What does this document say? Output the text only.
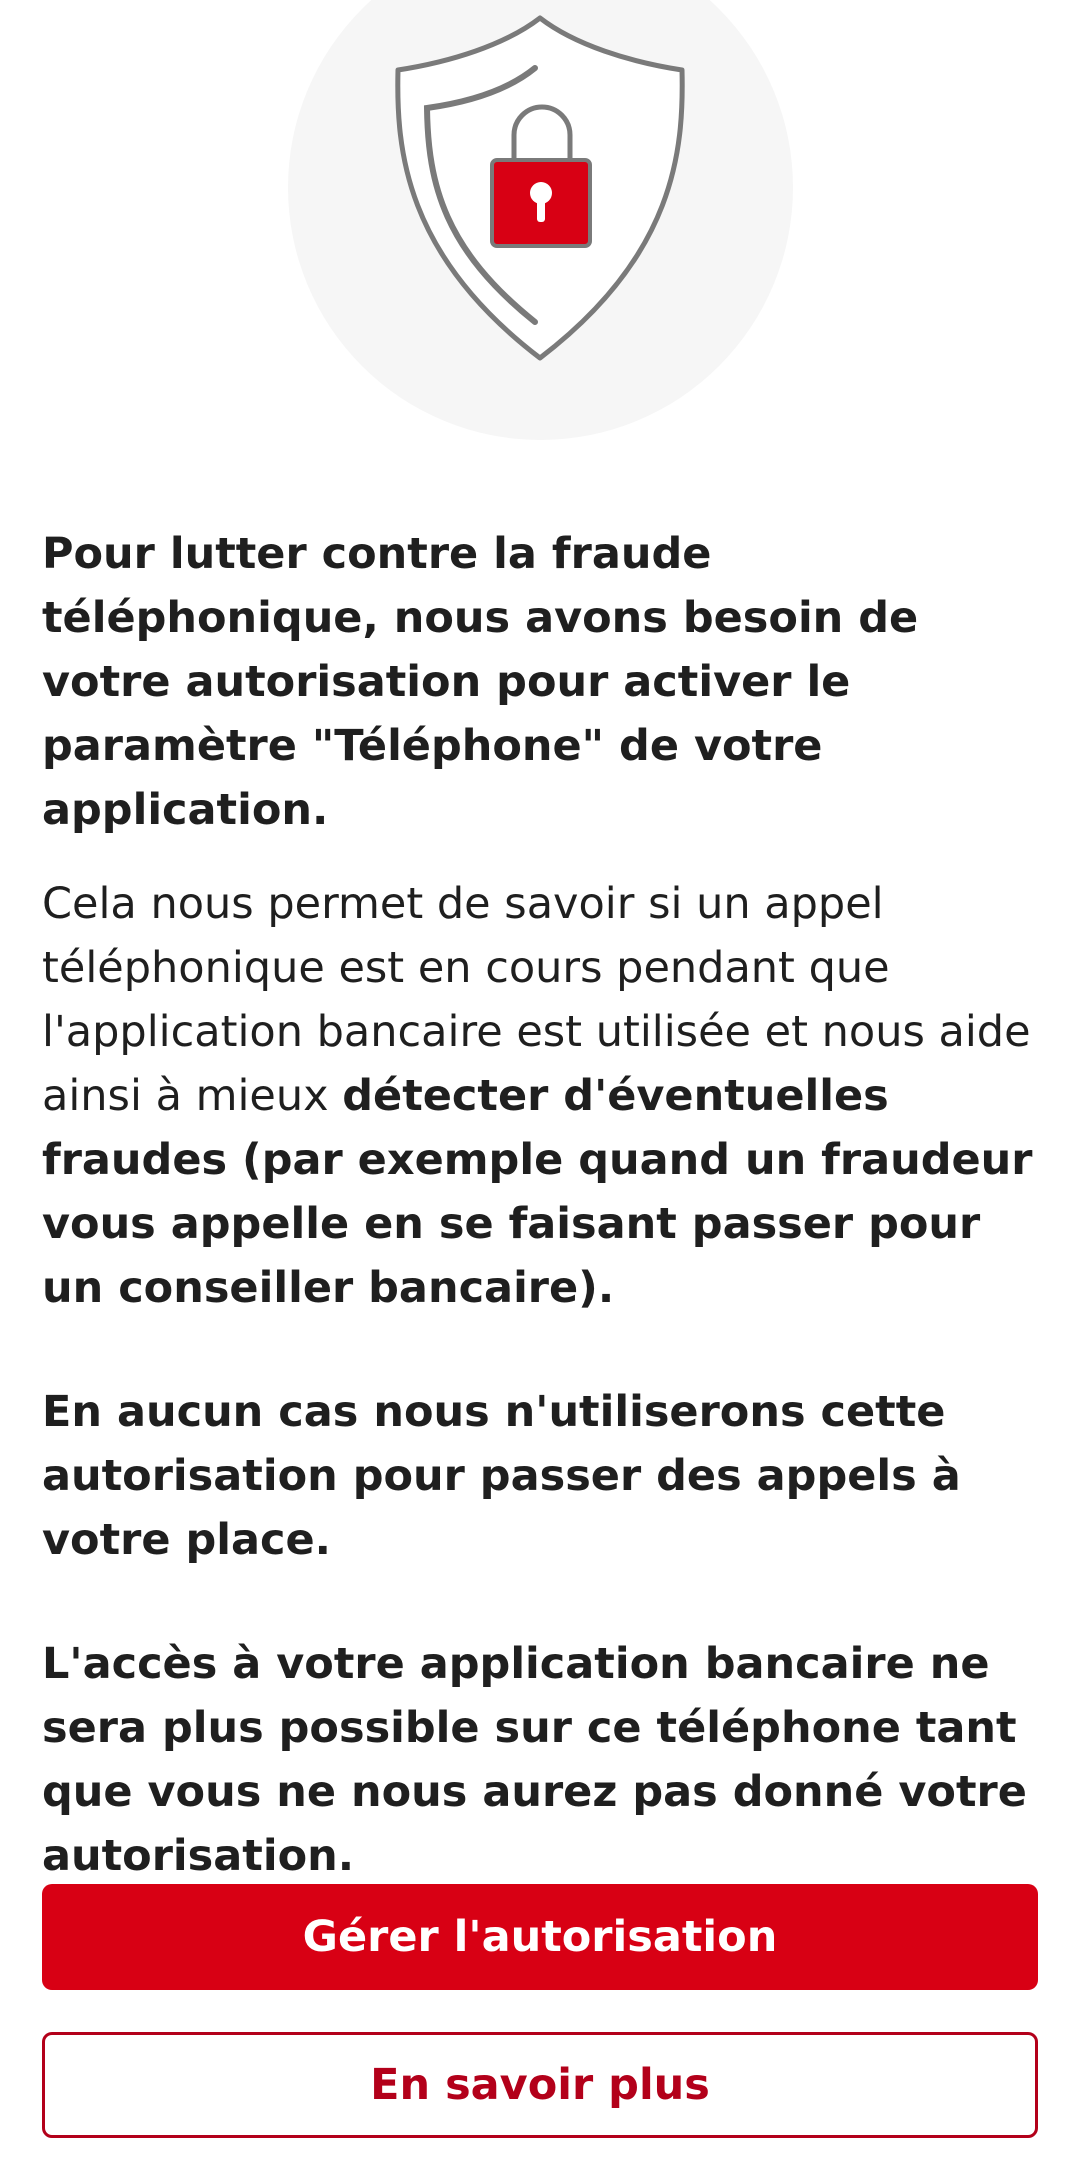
Pour lutter contre la fraude téléphonique, nous avons besoin de votre autorisation pour activer le paramètre "Téléphone" de votre application.

Cela nous permet de savoir si un appel téléphonique est en cours pendant que l'application bancaire est utilisée et nous aide ainsi à mieux détecter d'éventuelles fraudes (par exemple quand un fraudeur vous appelle en se faisant passer pour un conseiller bancaire).

En aucun cas nous n'utiliserons cette autorisation pour passer des appels à votre place.

L'accès à votre application bancaire ne sera plus possible sur ce téléphone tant que vous ne nous aurez pas donné votre autorisation.

Gérer l'autorisation
En savoir plus
